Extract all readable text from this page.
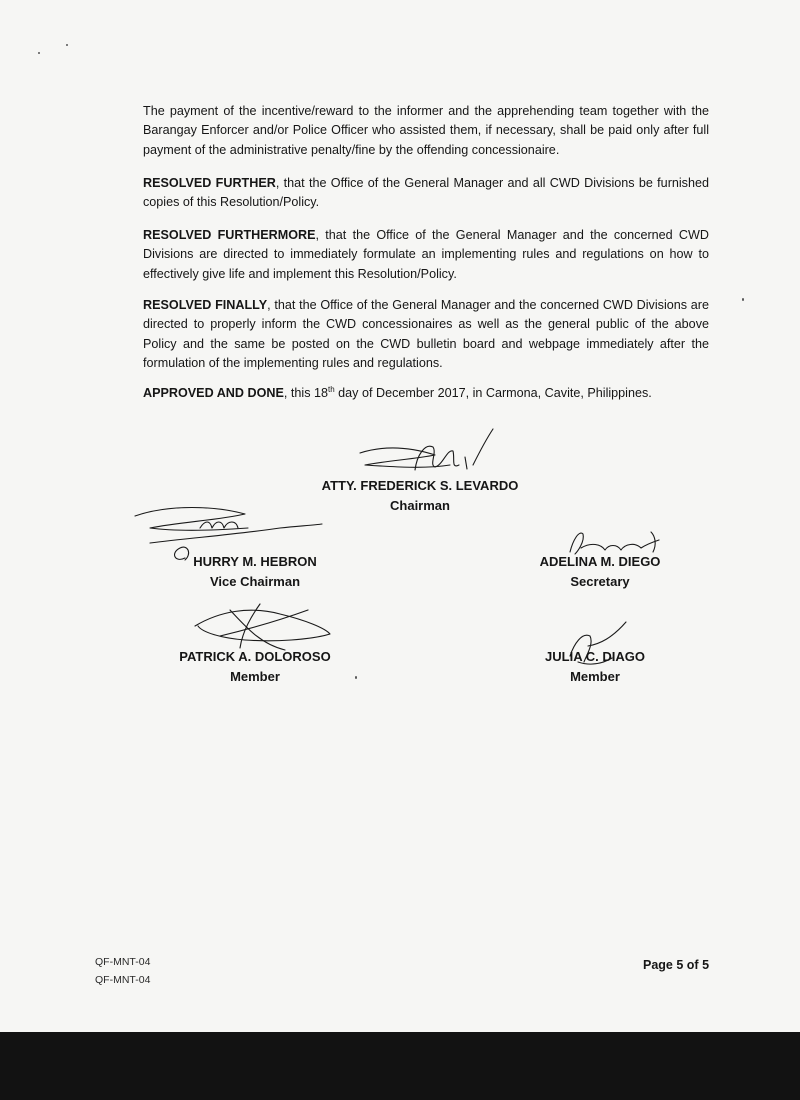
The payment of the incentive/reward to the informer and the apprehending team together with the Barangay Enforcer and/or Police Officer who assisted them, if necessary, shall be paid only after full payment of the administrative penalty/fine by the offending concessionaire.

RESOLVED FURTHER, that the Office of the General Manager and all CWD Divisions be furnished copies of this Resolution/Policy.

RESOLVED FURTHERMORE, that the Office of the General Manager and the concerned CWD Divisions are directed to immediately formulate an implementing rules and regulations on how to effectively give life and implement this Resolution/Policy.

RESOLVED FINALLY, that the Office of the General Manager and the concerned CWD Divisions are directed to properly inform the CWD concessionaires as well as the general public of the above Policy and the same be posted on the CWD bulletin board and webpage immediately after the formulation of the implementing rules and regulations.

APPROVED AND DONE, this 18th day of December 2017, in Carmona, Cavite, Philippines.

ATTY. FREDERICK S. LEVARDO
Chairman
HURRY M. HEBRON
Vice Chairman
ADELINA M. DIEGO
Secretary
PATRICK A. DOLOROSO
Member
JULIA C. DIAGO
Member
QF-MNT-04
QF-MNT-04
Page 5 of 5
